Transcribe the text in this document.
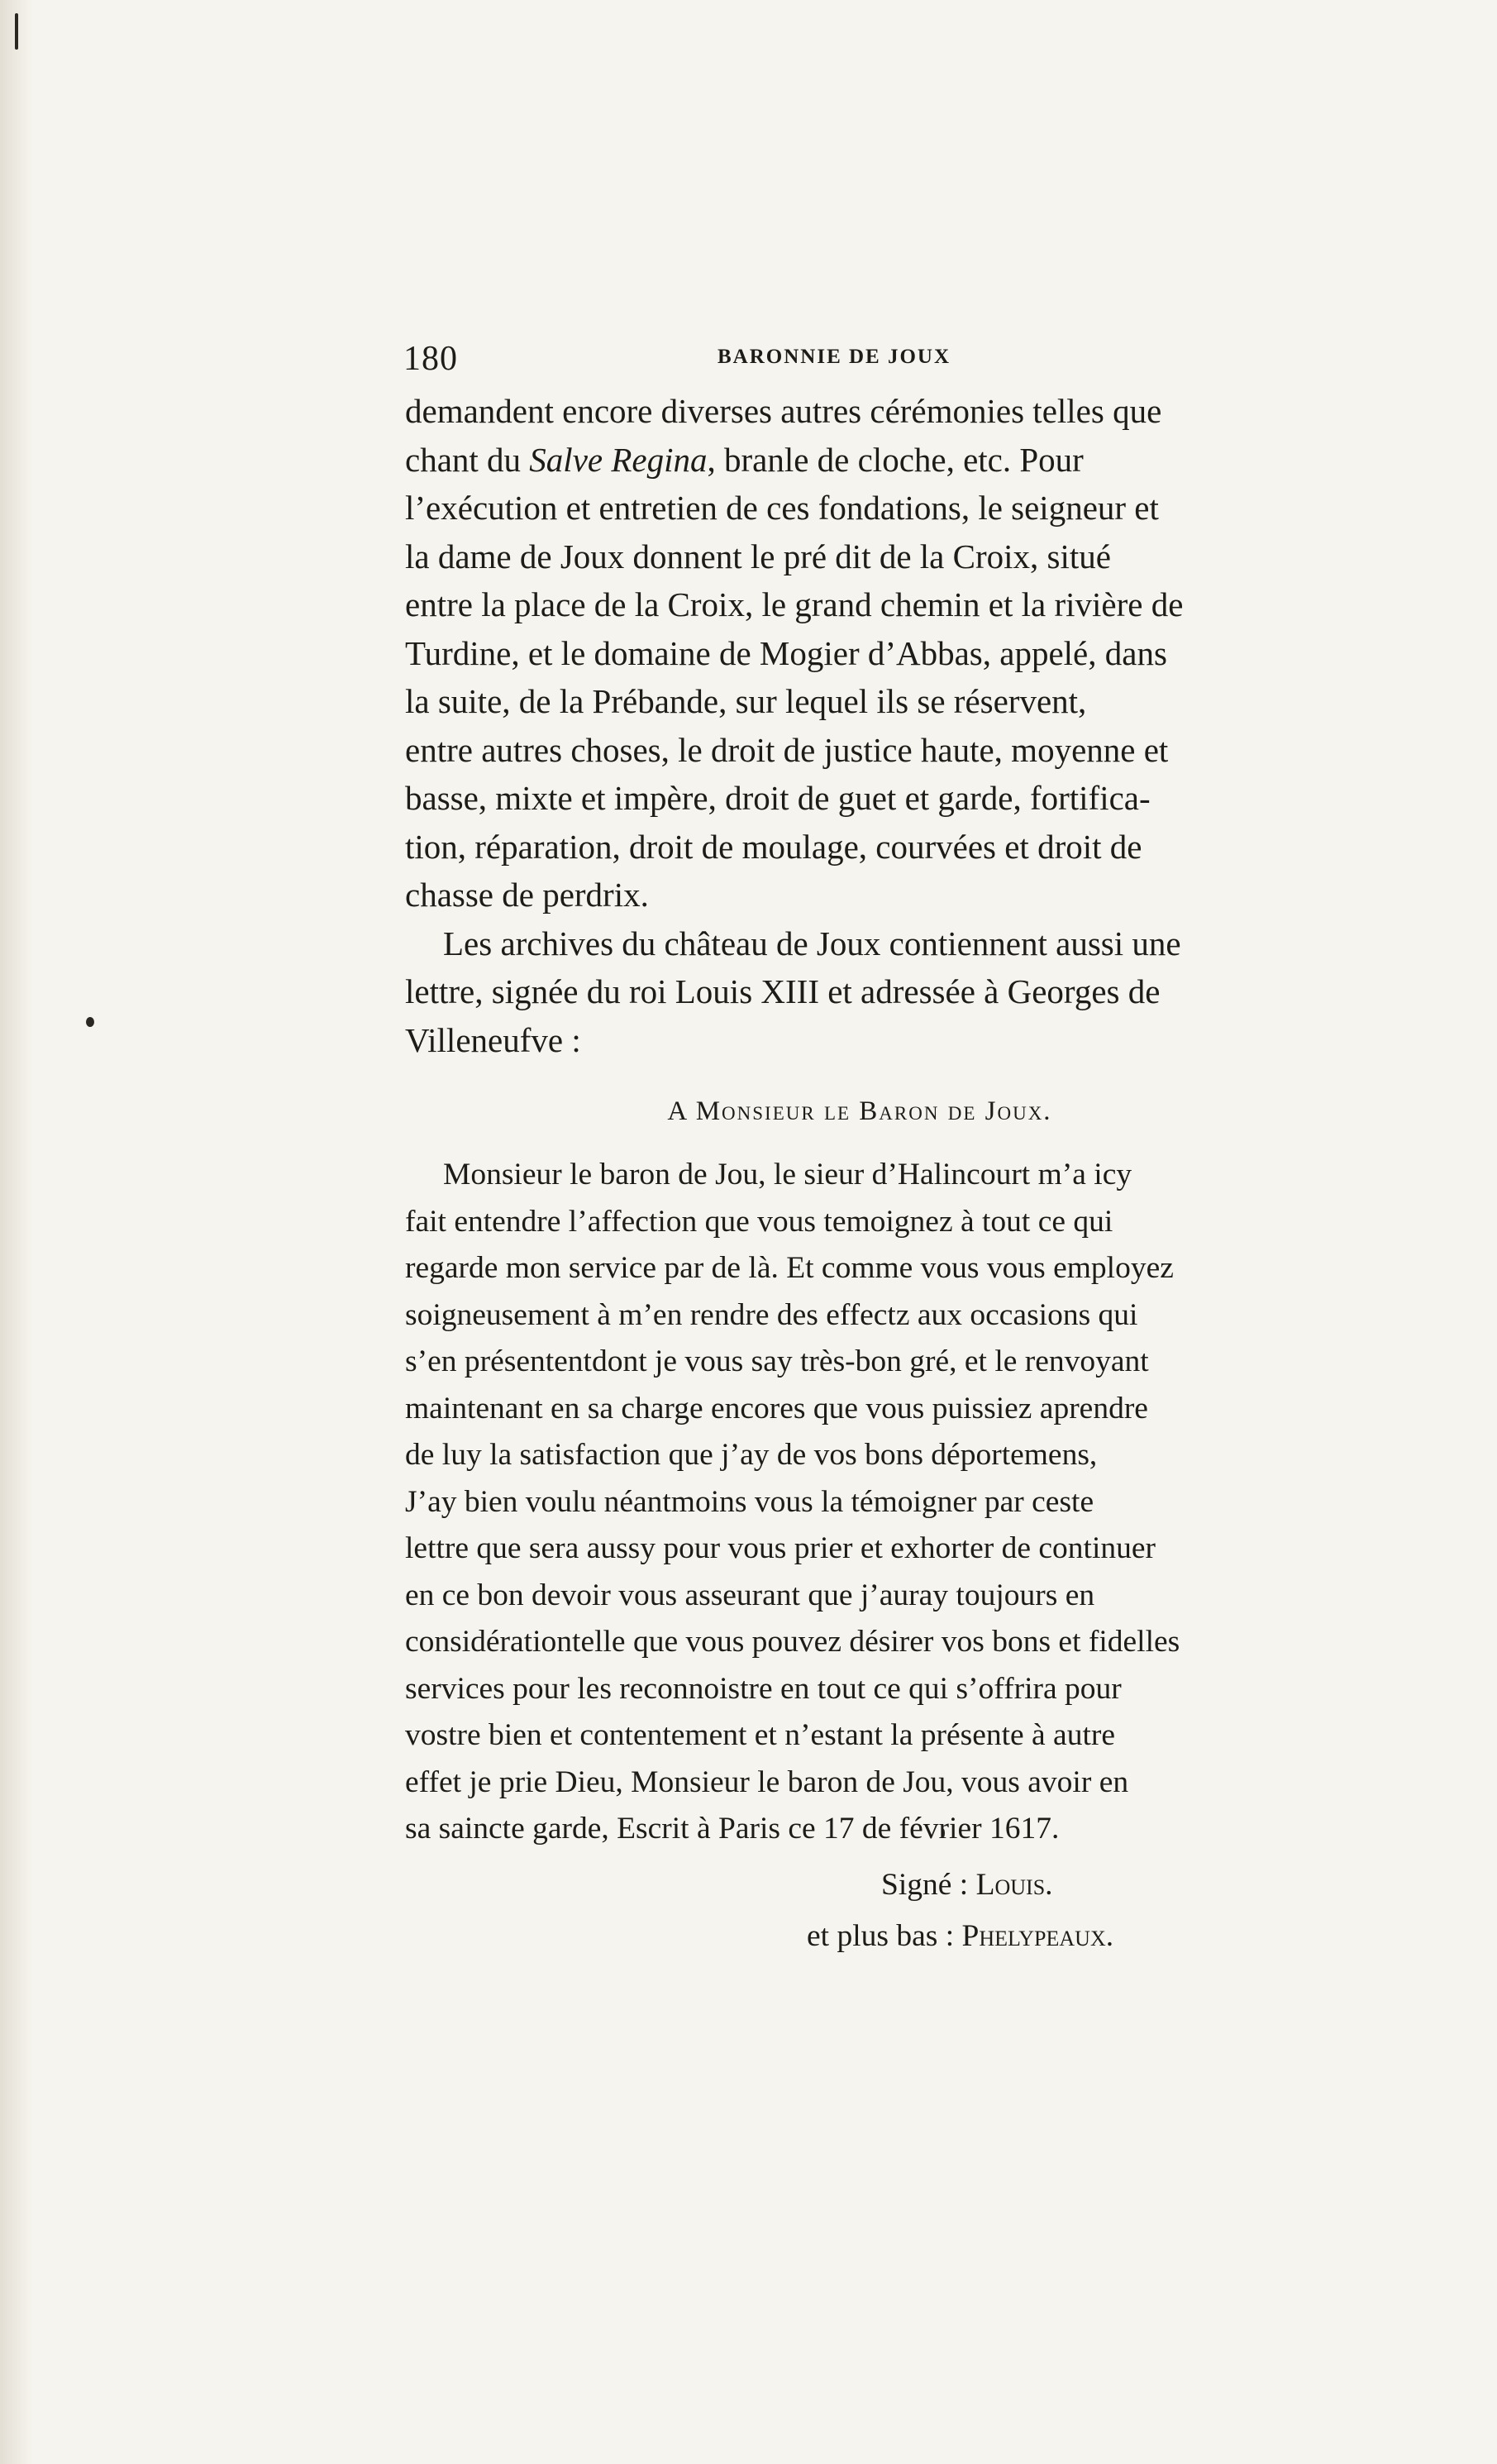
180	BARONNIE DE JOUX
demandent encore diverses autres cérémonies telles que
chant du Salve Regina, branle de cloche, etc. Pour
l’exécution et entretien de ces fondations, le seigneur et
la dame de Joux donnent le pré dit de la Croix, situé
entre la place de la Croix, le grand chemin et la rivière de
Turdine, et le domaine de Mogier d’Abbas, appelé, dans
la suite, de la Prébande, sur lequel ils se réservent,
entre autres choses, le droit de justice haute, moyenne et
basse, mixte et impère, droit de guet et garde, fortifica-
tion, réparation, droit de moulage, courvées et droit de
chasse de perdrix.
Les archives du château de Joux contiennent aussi une
lettre, signée du roi Louis XIII et adressée à Georges de
Villeneufve :
A Monsieur le Baron de Joux.
Monsieur le baron de Jou, le sieur d’Halincourt m’a icy
fait entendre l’affection que vous temoignez à tout ce qui
regarde mon service par de là. Et comme vous vous employez
soigneusement à m’en rendre des effectz aux occasions qui
s’en présententdont je vous say très-bon gré, et le renvoyant
maintenant en sa charge encores que vous puissiez aprendre
de luy la satisfaction que j’ay de vos bons déportemens,
J’ay bien voulu néantmoins vous la témoigner par ceste
lettre que sera aussy pour vous prier et exhorter de continuer
en ce bon devoir vous asseurant que j’auray toujours en
considérationtelle que vous pouvez désirer vos bons et fidelles
services pour les reconnoistre en tout ce qui s’offrira pour
vostre bien et contentement et n’estant la présente à autre
effet je prie Dieu, Monsieur le baron de Jou, vous avoir en
sa saincte garde, Escrit à Paris ce 17 de février 1617.
Signé : Louis.
et plus bas : Phelypeaux.
